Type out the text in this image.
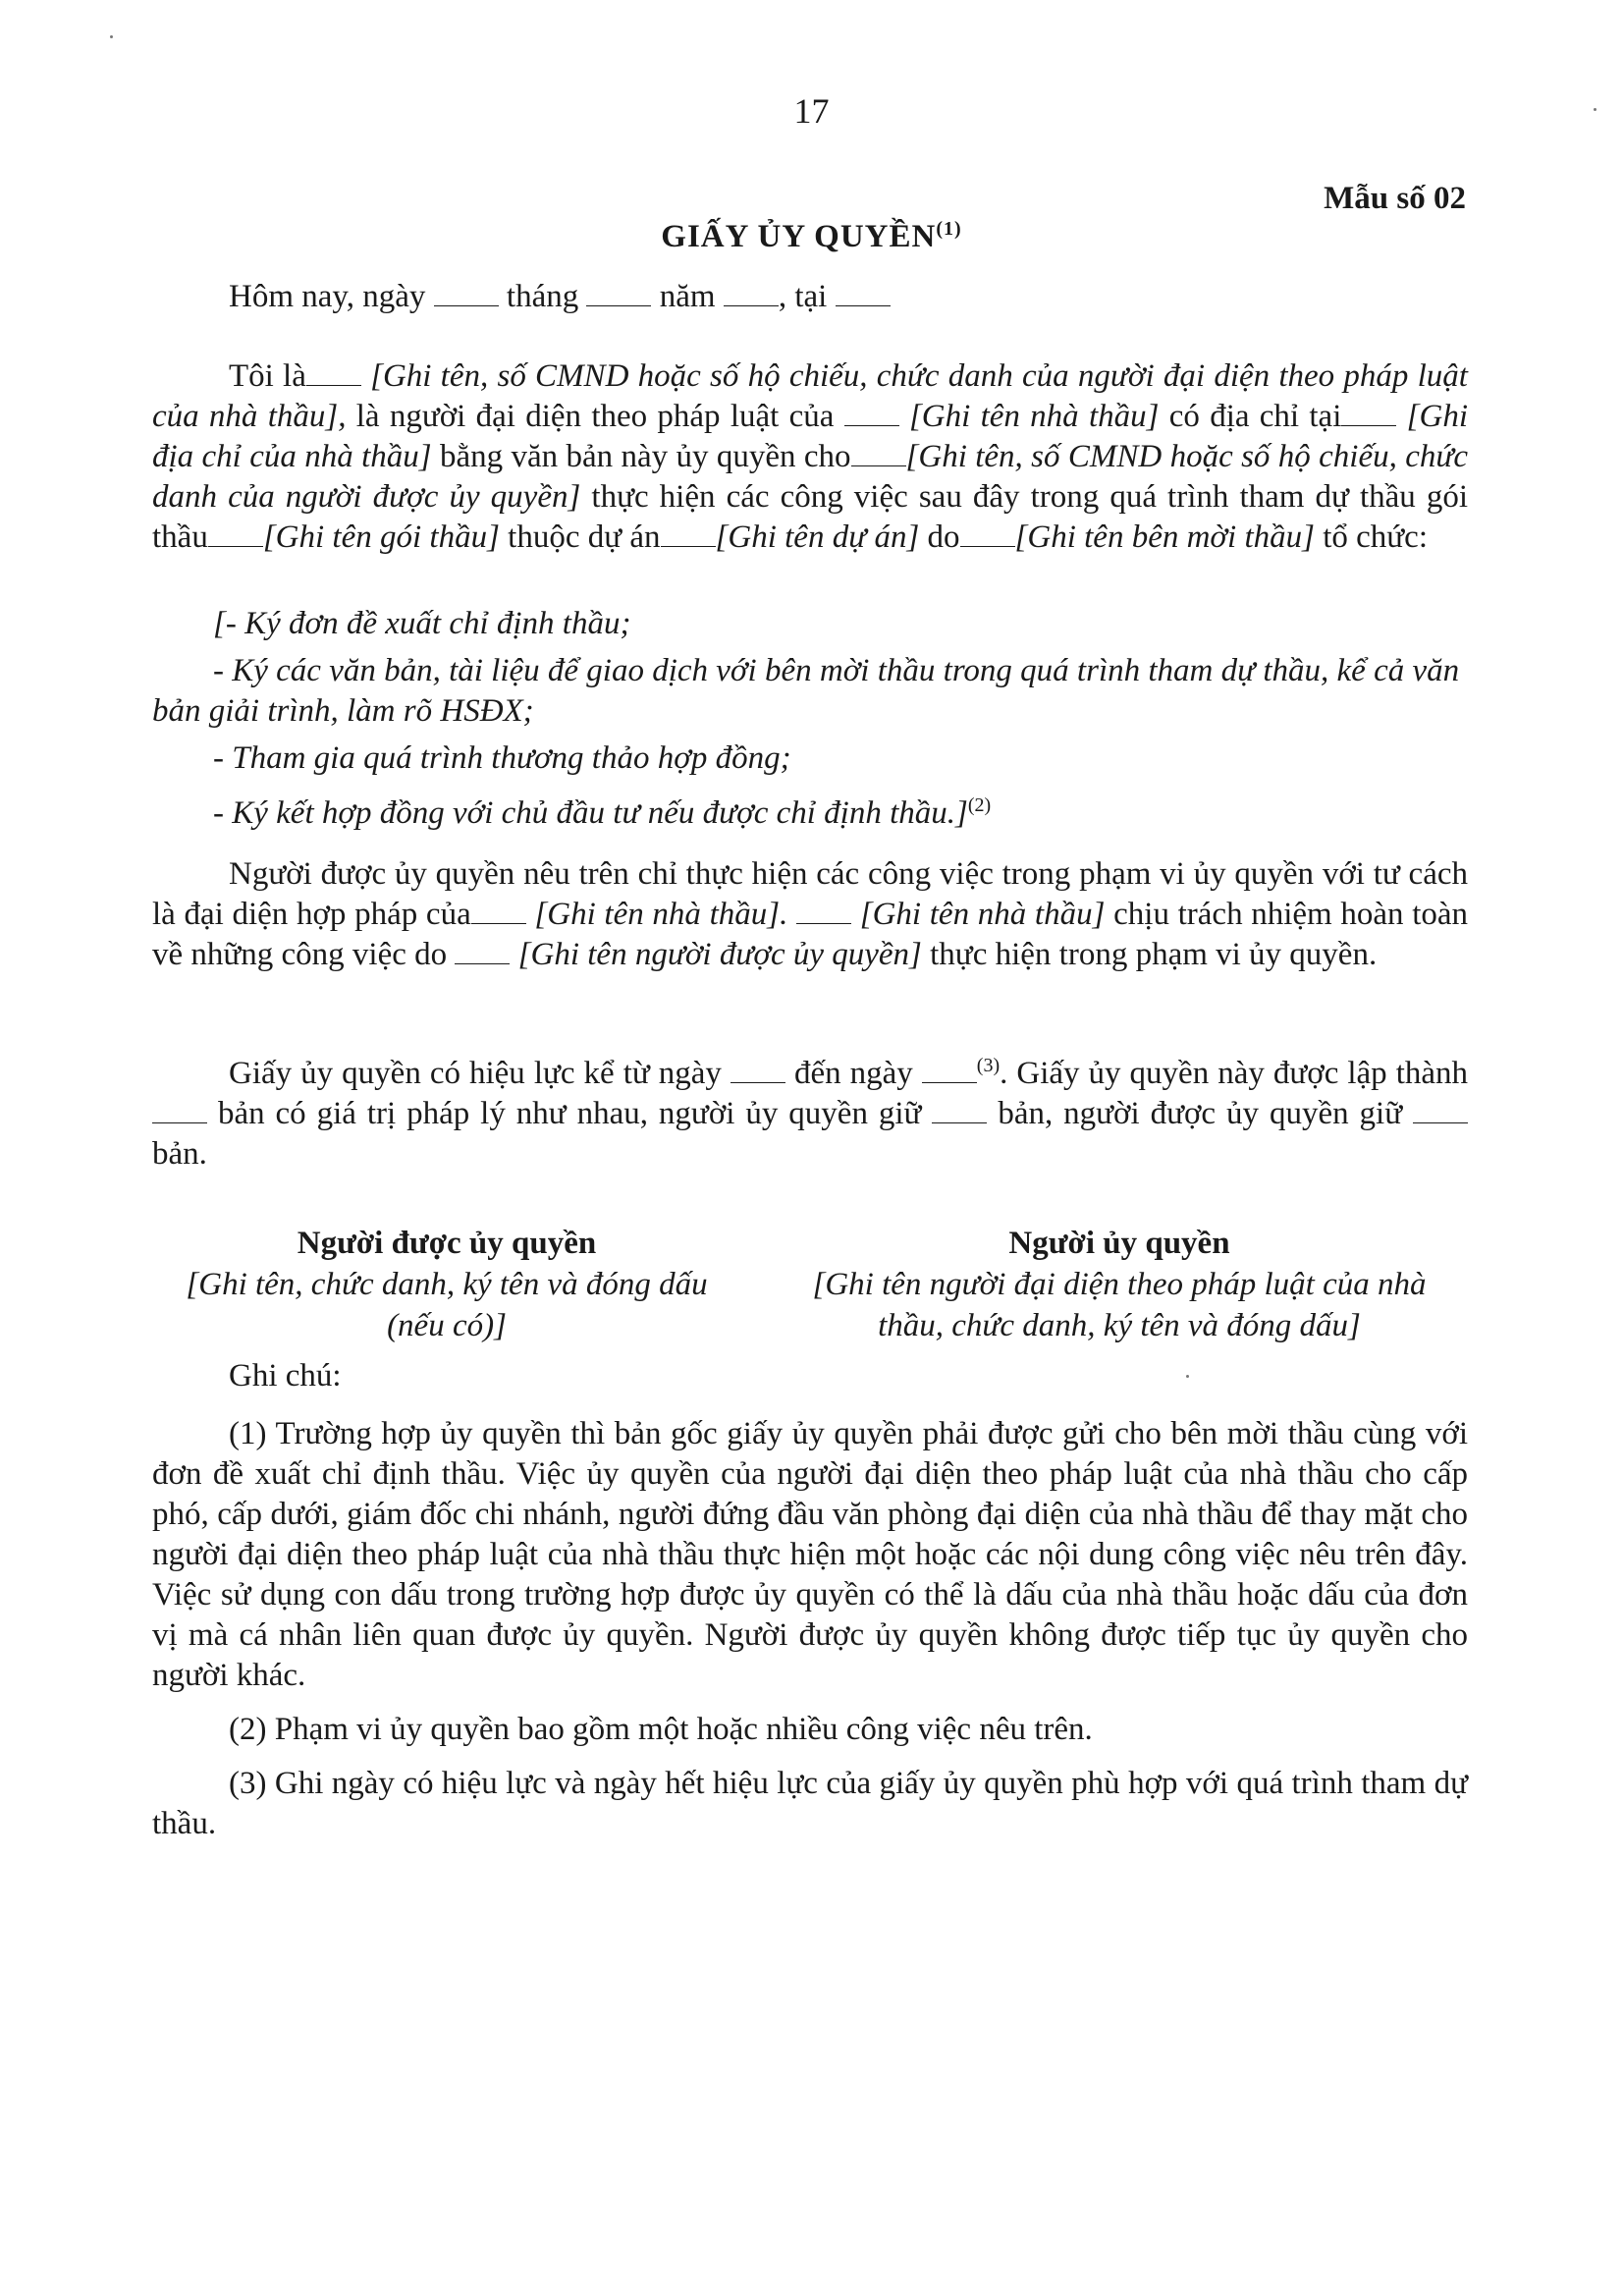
17
Mẫu số 02
GIẤY ỦY QUYỀN$^{(1)}$
Hôm nay, ngày	tháng	năm , tại

Tôi là [Ghi tên, số CMND hoặc số hộ chiếu, chức danh của người đại diện theo pháp luật của nhà thầu], là người đại diện theo pháp luật của [Ghi tên nhà thầu] có địa chỉ tại [Ghi địa chỉ của nhà thầu] bằng văn bản này ủy quyền cho [Ghi tên, số CMND hoặc số hộ chiếu, chức danh của người được ủy quyền] thực hiện các công việc sau đây trong quá trình tham dự thầu gói thầu [Ghi tên gói thầu] thuộc dự án [Ghi tên dự án] do [Ghi tên bên mời thầu] tổ chức:

[- Ký đơn đề xuất chỉ định thầu;

- Ký các văn bản, tài liệu để giao dịch với bên mời thầu trong quá trình tham dự thầu, kể cả văn bản giải trình, làm rõ HSĐX;

- Tham gia quá trình thương thảo hợp đồng;

- Ký kết hợp đồng với chủ đầu tư nếu được chỉ định thầu.]$^{(2)}$

Người được ủy quyền nêu trên chỉ thực hiện các công việc trong phạm vi ủy quyền với tư cách là đại diện hợp pháp của [Ghi tên nhà thầu]. [Ghi tên nhà thầu] chịu trách nhiệm hoàn toàn về những công việc do [Ghi tên người được ủy quyền] thực hiện trong phạm vi ủy quyền.

Giấy ủy quyền có hiệu lực kể từ ngày đến ngày	$^{(3)}$. Giấy ủy quyền này được lập thành  bản có giá trị pháp lý như nhau, người ủy quyền giữ bản, người được ủy quyền giữ  bản.

Người được ủy quyền
[Ghi tên, chức danh, ký tên và đóng dấu
(nếu có)]
Người ủy quyền
[Ghi tên người đại diện theo pháp luật của nhà
thầu, chức danh, ký tên và đóng dấu]
Ghi chú:

(1) Trường hợp ủy quyền thì bản gốc giấy ủy quyền phải được gửi cho bên mời thầu cùng với đơn đề xuất chỉ định thầu. Việc ủy quyền của người đại diện theo pháp luật của nhà thầu cho cấp phó, cấp dưới, giám đốc chi nhánh, người đứng đầu văn phòng đại diện của nhà thầu để thay mặt cho người đại diện theo pháp luật của nhà thầu thực hiện một hoặc các nội dung công việc nêu trên đây. Việc sử dụng con dấu trong trường hợp được ủy quyền có thể là dấu của nhà thầu hoặc dấu của đơn vị mà cá nhân liên quan được ủy quyền. Người được ủy quyền không được tiếp tục ủy quyền cho người khác.

(2) Phạm vi ủy quyền bao gồm một hoặc nhiều công việc nêu trên.

(3) Ghi ngày có hiệu lực và ngày hết hiệu lực của giấy ủy quyền phù hợp với quá trình tham dự thầu.
